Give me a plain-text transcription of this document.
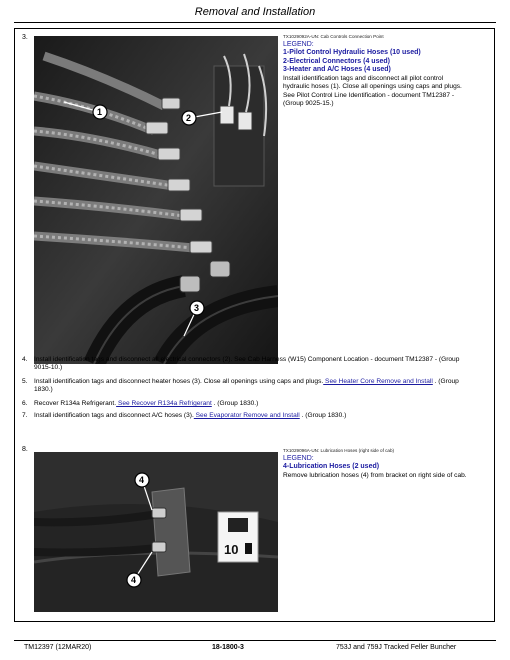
Removal and Installation
3.
1
2
3
TX1029092A-UN: Cab Controls Connection Point
LEGEND:
1-Pilot Control Hydraulic Hoses (10 used)
2-Electrical Connectors (4 used)
3-Heater and A/C Hoses (4 used)
Install identification tags and disconnect all pilot control hydraulic hoses (1). Close all openings using caps and plugs. See Pilot Control Line Identification - document TM12387 - (Group 9025-15.)
4. Install identification tags and disconnect all electrical connectors (2). See Cab Harness (W15) Component Location - document TM12387 - (Group 9015-10.)
5. Install identification tags and disconnect heater hoses (3). Close all openings using caps and plugs. See Heater Core Remove and Install . (Group 1830.)
6. Recover R134a Refrigerant. See Recover R134a Refrigerant . (Group 1830.)
7. Install identification tags and disconnect A/C hoses (3). See Evaporator Remove and Install . (Group 1830.)
8.
10
4
4
TX1029096A-UN: Lubrication Hoses (right side of cab)
LEGEND:
4-Lubrication Hoses (2 used)
Remove lubrication hoses (4) from bracket on right side of cab.
TM12397 (12MAR20)	18-1800-3	753J and 759J Tracked Feller Buncher
